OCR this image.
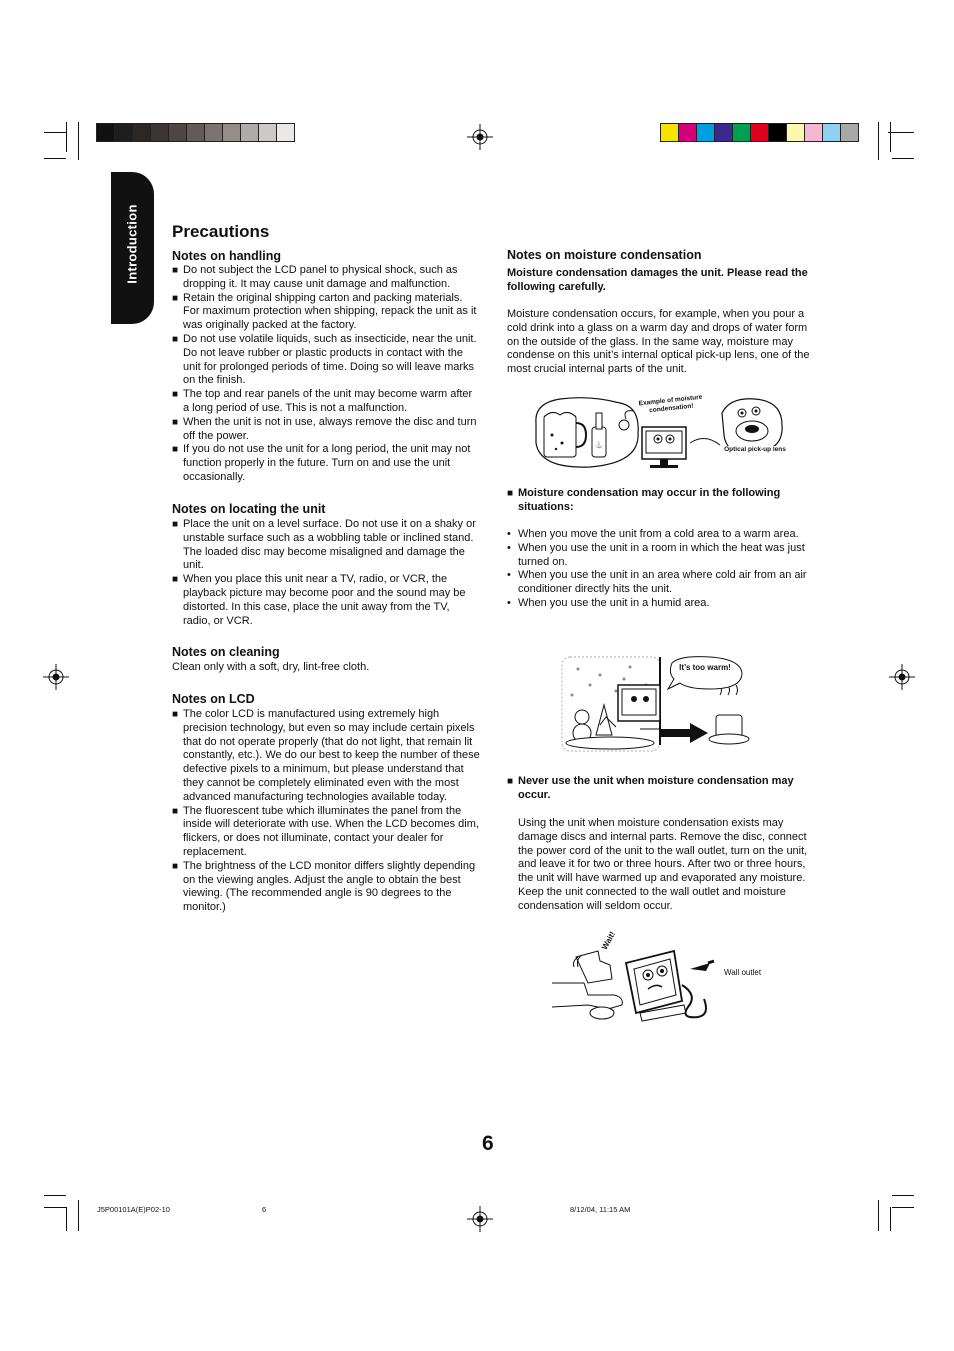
Introduction Precautions
Notes on handling
■ Do not subject the LCD panel to physical shock, such as dropping it. It may cause unit damage and malfunction.
■ Retain the original shipping carton and packing materials. For maximum protection when shipping, repack the unit as it was originally packed at the factory.
■ Do not use volatile liquids, such as insecticide, near the unit. Do not leave rubber or plastic products in contact with the unit for prolonged periods of time. Doing so will leave marks on the finish.
■ The top and rear panels of the unit may become warm after a long period of use. This is not a malfunction.
■ When the unit is not in use, always remove the disc and turn off the power.
■ If you do not use the unit for a long period, the unit may not function properly in the future. Turn on and use the unit occasionally.
Notes on locating the unit
■ Place the unit on a level surface. Do not use it on a shaky or unstable surface such as a wobbling table or inclined stand. The loaded disc may become misaligned and damage the unit.
■ When you place this unit near a TV, radio, or VCR, the playback picture may become poor and the sound may be distorted. In this case, place the unit away from the TV, radio, or VCR.
Notes on cleaning
Clean only with a soft, dry, lint-free cloth.
Notes on LCD
■ The color LCD is manufactured using extremely high precision technology, but even so may include certain pixels that do not operate properly (that do not light, that remain lit constantly, etc.). We do our best to keep the number of these defective pixels to a minimum, but please understand that they cannot be completely eliminated even with the most advanced manufacturing technologies available today.
■ The fluorescent tube which illuminates the panel from the inside will deteriorate with use. When the LCD becomes dim, flickers, or does not illuminate, contact your dealer for replacement.
■ The brightness of the LCD monitor differs slightly depending on the viewing angles. Adjust the angle to obtain the best viewing. (The recommended angle is 90 degrees to the monitor.)
Notes on moisture condensation
Moisture condensation damages the unit. Please read the following carefully.
Moisture condensation occurs, for example, when you pour a cold drink into a glass on a warm day and drops of water form on the outside of the glass. In the same way, moisture may condense on this unit’s internal optical pick-up lens, one of the most crucial internal parts of the unit.
⚓
Example of moisture condensation!
Optical pick-up lens
■ Moisture condensation may occur in the following situations:
• When you move the unit from a cold area to a warm area.
• When you use the unit in a room in which the heat was just turned on.
• When you use the unit in an area where cold air from an air conditioner directly hits the unit.
• When you use the unit in a humid area.
It’s too warm!
■ Never use the unit when moisture condensation may occur.
Using the unit when moisture condensation exists may damage discs and internal parts. Remove the disc, connect the power cord of the unit to the wall outlet, turn on the unit, and leave it for two or three hours. After two or three hours, the unit will have warmed up and evaporated any moisture. Keep the unit connected to the wall outlet and moisture condensation will seldom occur.
Wait!
Wall outlet
6
J5P00101A(E)P02-10	6	8/12/04, 11:15 AM
